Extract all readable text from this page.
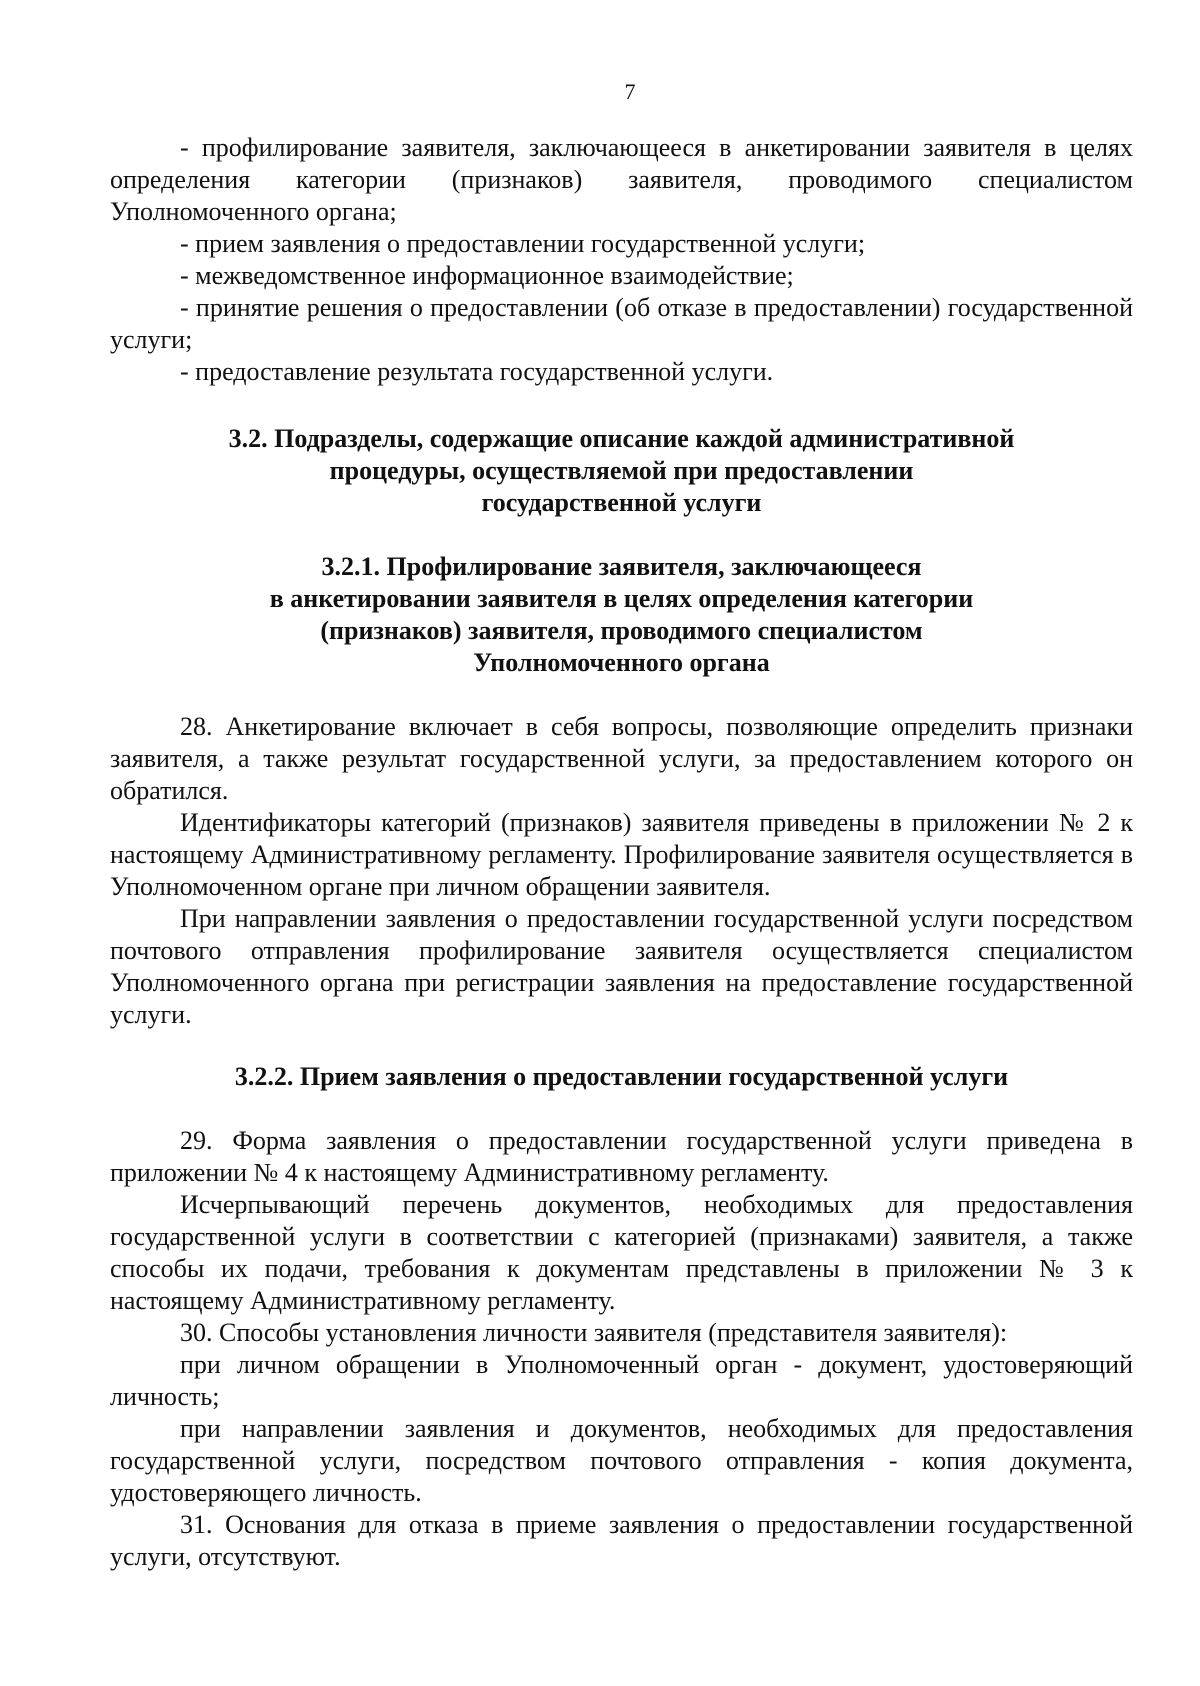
7

- профилирование заявителя, заключающееся в анкетировании заявителя в целях определения категории (признаков) заявителя, проводимого специалистом Уполномоченного органа;

- прием заявления о предоставлении государственной услуги;

- межведомственное информационное взаимодействие;

- принятие решения о предоставлении (об отказе в предоставлении) государственной услуги;

- предоставление результата государственной услуги.

3.2. Подразделы, содержащие описание каждой административной
процедуры, осуществляемой при предоставлении
государственной услуги
3.2.1. Профилирование заявителя, заключающееся
в анкетировании заявителя в целях определения категории
(признаков) заявителя, проводимого специалистом
Уполномоченного органа

28. Анкетирование включает в себя вопросы, позволяющие определить признаки заявителя, а также результат государственной услуги, за предоставлением которого он обратился.

Идентификаторы категорий (признаков) заявителя приведены в приложении № 2 к настоящему Административному регламенту. Профилирование заявителя осуществляется в Уполномоченном органе при личном обращении заявителя.

При направлении заявления о предоставлении государственной услуги посредством почтового отправления профилирование заявителя осуществляется специалистом Уполномоченного органа при регистрации заявления на предоставление государственной услуги.

3.2.2. Прием заявления о предоставлении государственной услуги

29. Форма заявления о предоставлении государственной услуги приведена в приложении № 4 к настоящему Административному регламенту.

Исчерпывающий перечень документов, необходимых для предоставления государственной услуги в соответствии с категорией (признаками) заявителя, а также способы их подачи, требования к документам представлены в приложении № 3 к настоящему Административному регламенту.

30. Способы установления личности заявителя (представителя заявителя):

при личном обращении в Уполномоченный орган - документ, удостоверяющий личность;

при направлении заявления и документов, необходимых для предоставления государственной услуги, посредством почтового отправления - копия документа, удостоверяющего личность.

31. Основания для отказа в приеме заявления о предоставлении государственной услуги, отсутствуют.
